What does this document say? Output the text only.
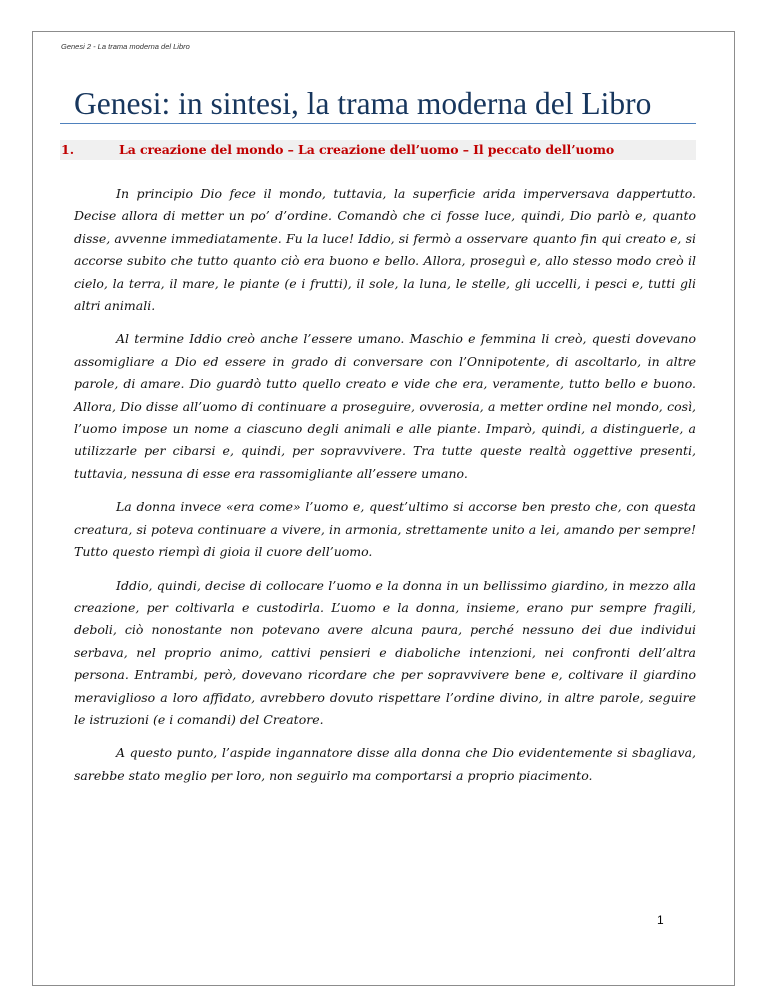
Genesi 2 - La trama moderna del Libro
Genesi: in sintesi, la trama moderna del Libro
1.	La creazione del mondo – La creazione dell’uomo – Il peccato dell’uomo

In principio Dio fece il mondo, tuttavia, la superficie arida imperversava dappertutto. Decise allora di metter un po’ d’ordine. Comandò che ci fosse luce, quindi, Dio parlò e, quanto disse, avvenne immediatamente. Fu la luce! Iddio, si fermò a osservare quanto fin qui creato e, si accorse subito che tutto quanto ciò era buono e bello. Allora, proseguì e, allo stesso modo creò il cielo, la terra, il mare, le piante (e i frutti), il sole, la luna, le stelle, gli uccelli, i pesci e, tutti gli altri animali.

Al termine Iddio creò anche l’essere umano. Maschio e femmina li creò, questi dovevano assomigliare a Dio ed essere in grado di conversare con l’Onnipotente, di ascoltarlo, in altre parole, di amare. Dio guardò tutto quello creato e vide che era, veramente, tutto bello e buono. Allora, Dio disse all’uomo di continuare a proseguire, ovverosia, a metter ordine nel mondo, così, l’uomo impose un nome a ciascuno degli animali e alle piante. Imparò, quindi, a distinguerle, a utilizzarle per cibarsi e, quindi, per sopravvivere. Tra tutte queste realtà oggettive presenti, tuttavia, nessuna di esse era rassomigliante all’essere umano.

La donna invece «era come» l’uomo e, quest’ultimo si accorse ben presto che, con questa creatura, si poteva continuare a vivere, in armonia, strettamente unito a lei, amando per sempre! Tutto questo riempì di gioia il cuore dell’uomo.

Iddio, quindi, decise di collocare l’uomo e la donna in un bellissimo giardino, in mezzo alla creazione, per coltivarla e custodirla. L’uomo e la donna, insieme, erano pur sempre fragili, deboli, ciò nonostante non potevano avere alcuna paura, perché nessuno dei due individui serbava, nel proprio animo, cattivi pensieri e diaboliche intenzioni, nei confronti dell’altra persona. Entrambi, però, dovevano ricordare che per sopravvivere bene e, coltivare il giardino meraviglioso a loro affidato, avrebbero dovuto rispettare l’ordine divino, in altre parole, seguire le istruzioni (e i comandi) del Creatore.

A questo punto, l’aspide ingannatore disse alla donna che Dio evidentemente si sbagliava, sarebbe stato meglio per loro, non seguirlo ma comportarsi a proprio piacimento.

1
